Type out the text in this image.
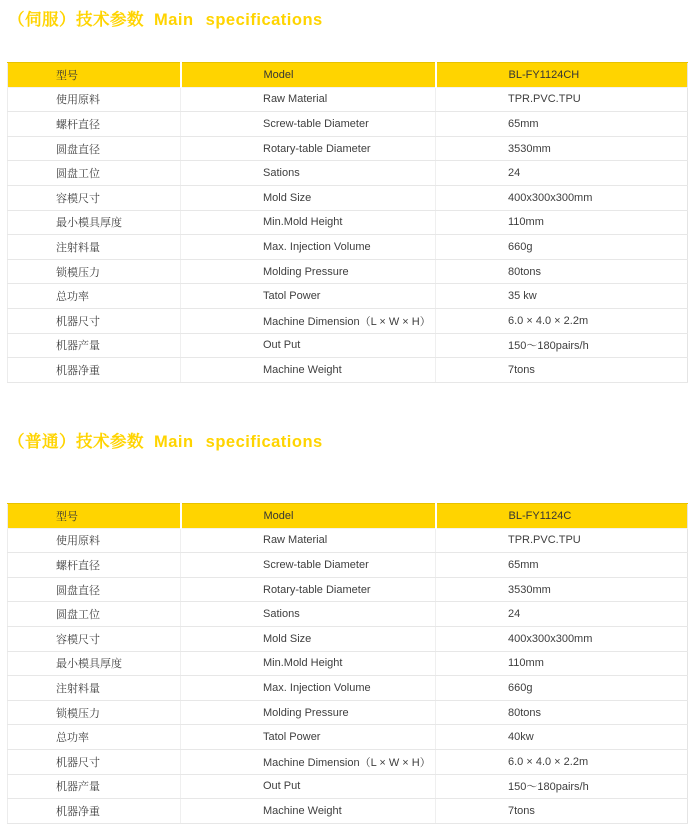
（伺服）技术参数 Main specifications
型号	Model	BL-FY1124CH
使用原料	Raw Material	TPR.PVC.TPU
螺杆直径	Screw-table Diameter	65mm
圆盘直径	Rotary-table Diameter	3530mm
圆盘工位	Sations	24
容模尺寸	Mold Size	400x300x300mm
最小模具厚度	Min.Mold Height	110mm
注射料量	Max. Injection Volume	660g
锁模压力	Molding Pressure	80tons
总功率	Tatol Power	35 kw
机器尺寸	Machine Dimension（L × W × H）	6.0 × 4.0 × 2.2m
机器产量	Out Put	150～180pairs/h
机器净重	Machine Weight	7tons
（普通）技术参数 Main specifications
型号	Model	BL-FY1124C
使用原料	Raw Material	TPR.PVC.TPU
螺杆直径	Screw-table Diameter	65mm
圆盘直径	Rotary-table Diameter	3530mm
圆盘工位	Sations	24
容模尺寸	Mold Size	400x300x300mm
最小模具厚度	Min.Mold Height	110mm
注射料量	Max. Injection Volume	660g
锁模压力	Molding Pressure	80tons
总功率	Tatol Power	40kw
机器尺寸	Machine Dimension（L × W × H）	6.0 × 4.0 × 2.2m
机器产量	Out Put	150～180pairs/h
机器净重	Machine Weight	7tons
